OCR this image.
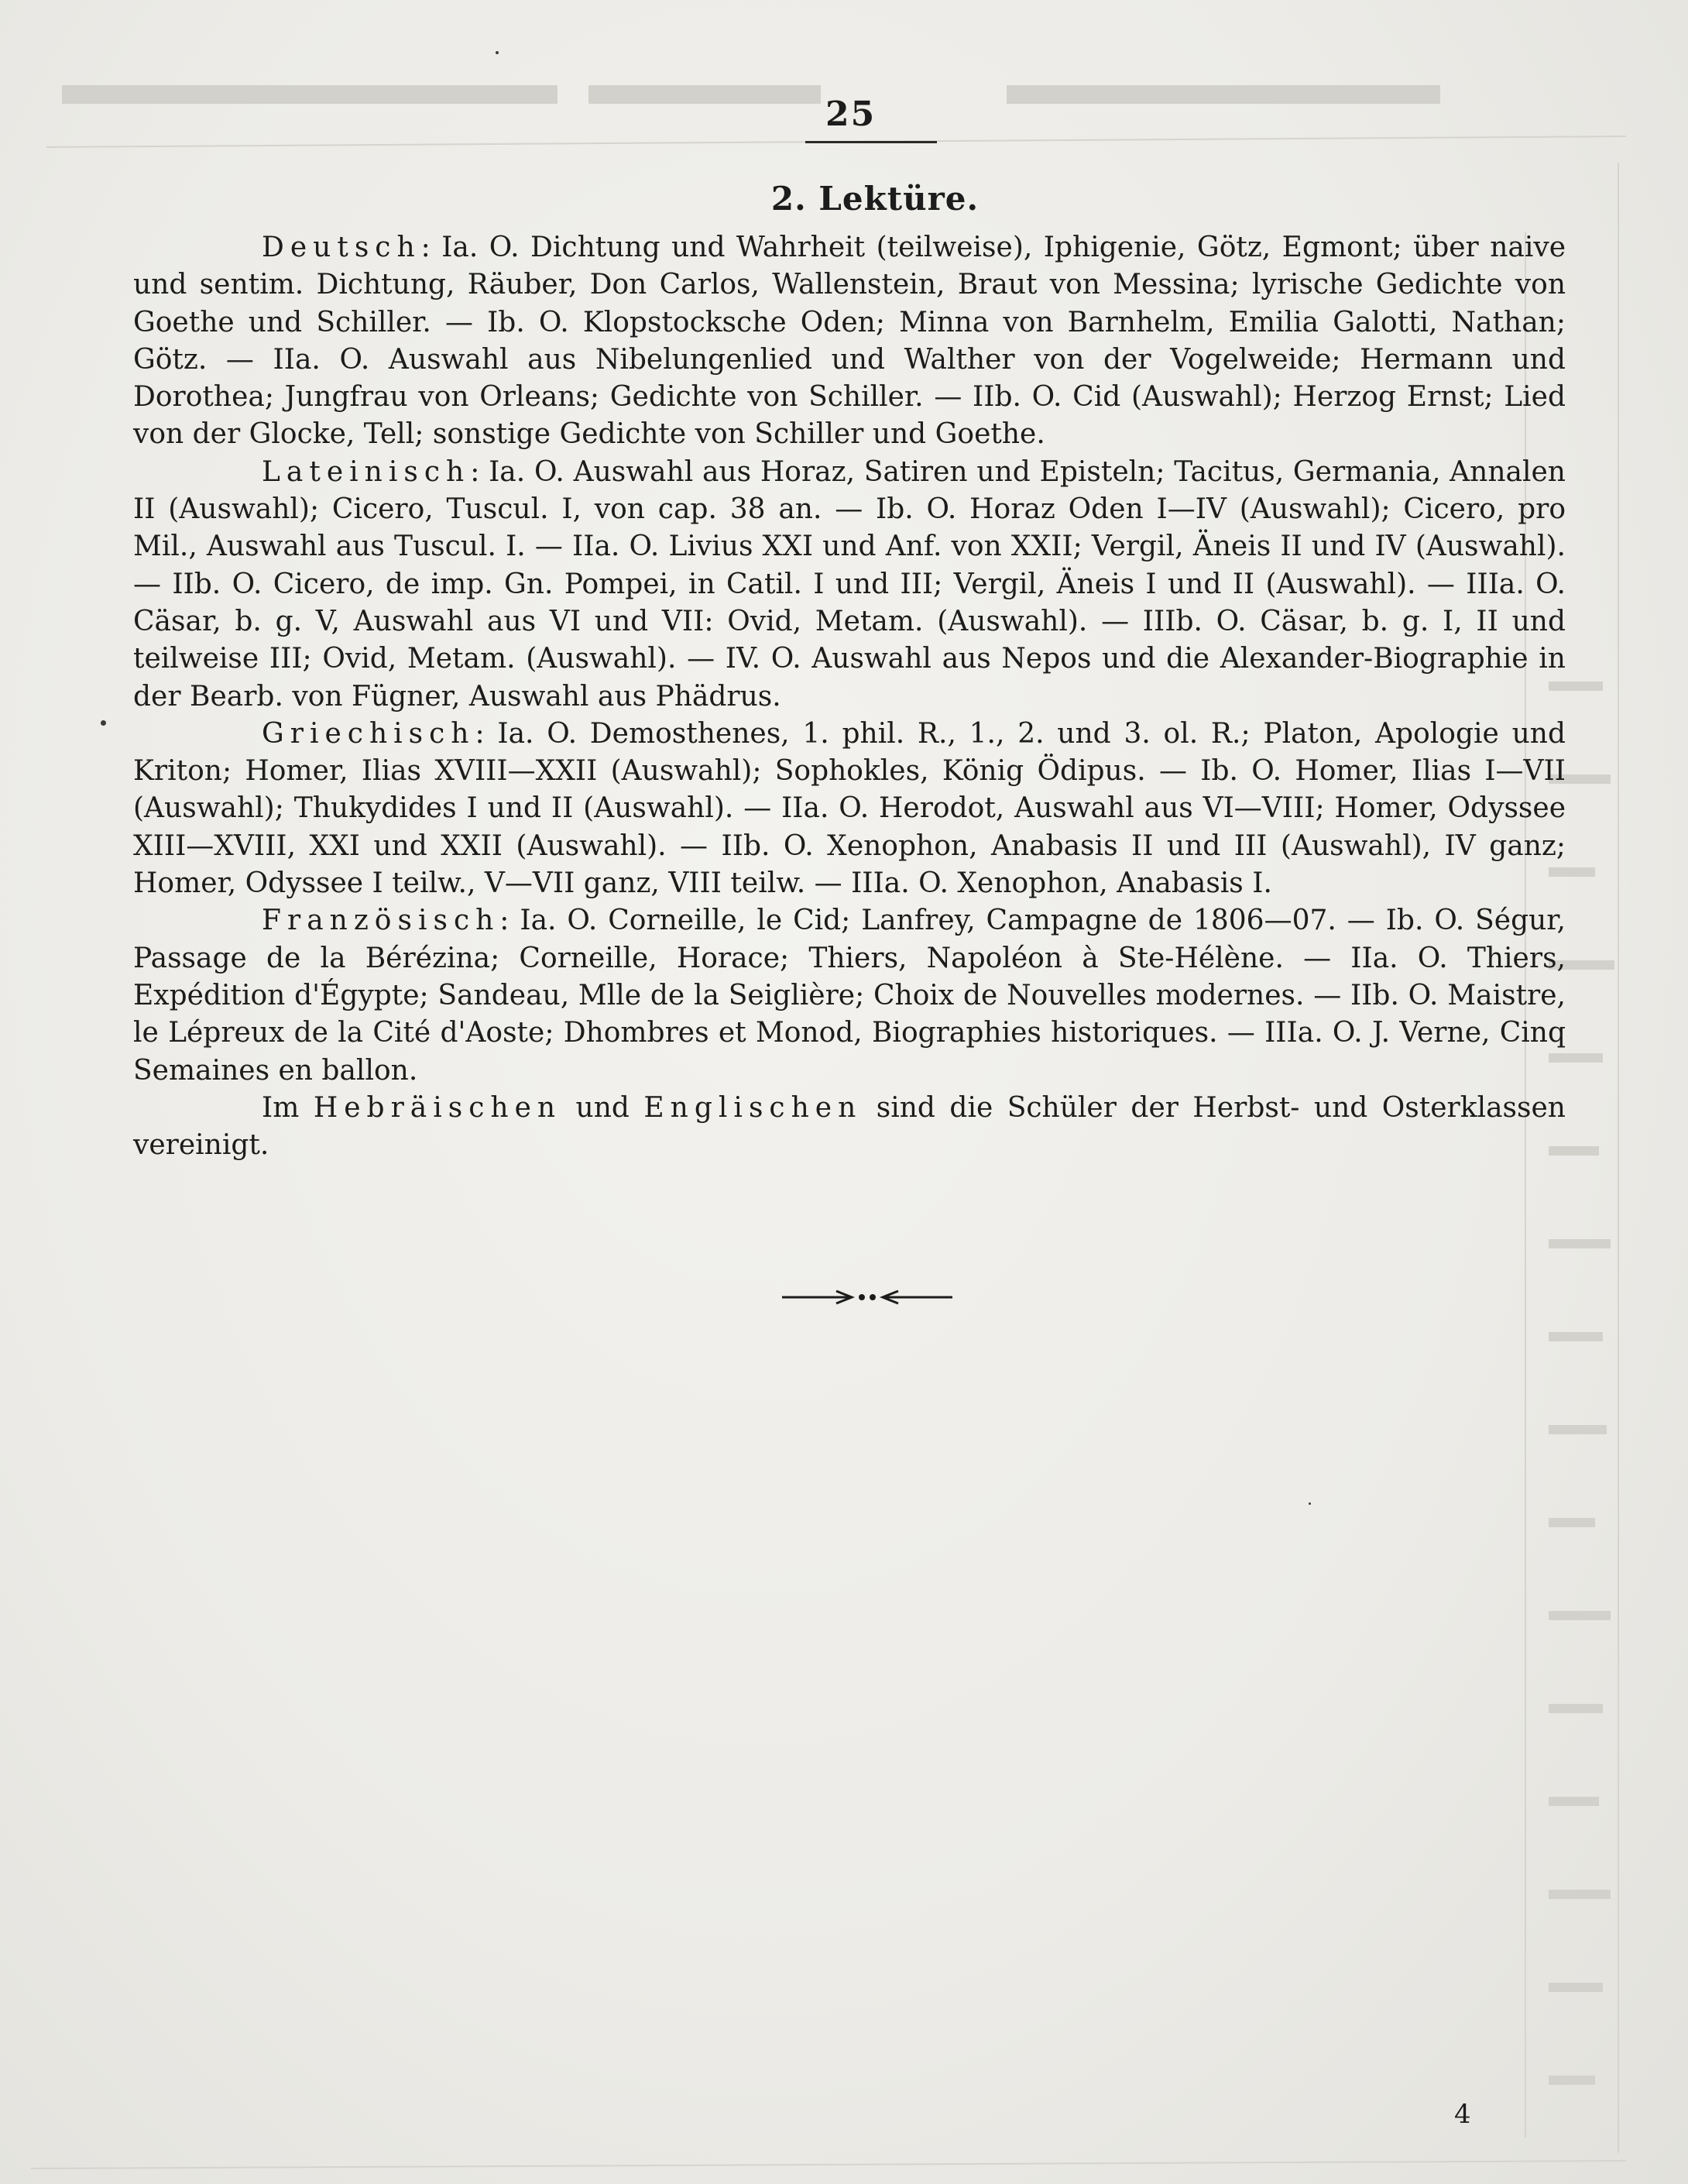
25
2. Lektüre.

Deutsch: Ia. O. Dichtung und Wahrheit (teilweise), Iphigenie, Götz, Egmont; über naive und sentim. Dichtung, Räuber, Don Carlos, Wallenstein, Braut von Messina; lyrische Gedichte von Goethe und Schiller. — Ib. O. Klopstocksche Oden; Minna von Barnhelm, Emilia Galotti, Nathan; Götz. — IIa. O. Auswahl aus Nibelungenlied und Walther von der Vogelweide; Hermann und Dorothea; Jungfrau von Orleans; Gedichte von Schiller. — IIb. O. Cid (Auswahl); Herzog Ernst; Lied von der Glocke, Tell; sonstige Gedichte von Schiller und Goethe.

Lateinisch: Ia. O. Auswahl aus Horaz, Satiren und Episteln; Tacitus, Germania, Annalen II (Auswahl); Cicero, Tuscul. I, von cap. 38 an. — Ib. O. Horaz Oden I—IV (Auswahl); Cicero, pro Mil., Auswahl aus Tuscul. I. — IIa. O. Livius XXI und Anf. von XXII; Vergil, Äneis II und IV (Auswahl). — IIb. O. Cicero, de imp. Gn. Pompei, in Catil. I und III; Vergil, Äneis I und II (Auswahl). — IIIa. O. Cäsar, b. g. V, Auswahl aus VI und VII: Ovid, Metam. (Auswahl). — IIIb. O. Cäsar, b. g. I, II und teilweise III; Ovid, Metam. (Auswahl). — IV. O. Auswahl aus Nepos und die Alexander-Biographie in der Bearb. von Fügner, Auswahl aus Phädrus.

Griechisch: Ia. O. Demosthenes, 1. phil. R., 1., 2. und 3. ol. R.; Platon, Apologie und Kriton; Homer, Ilias XVIII—XXII (Auswahl); Sophokles, König Ödipus. — Ib. O. Homer, Ilias I—VII (Auswahl); Thukydides I und II (Auswahl). — IIa. O. Herodot, Auswahl aus VI—VIII; Homer, Odyssee XIII—XVIII, XXI und XXII (Auswahl). — IIb. O. Xenophon, Anabasis II und III (Auswahl), IV ganz; Homer, Odyssee I teilw., V—VII ganz, VIII teilw. — IIIa. O. Xenophon, Anabasis I.

Französisch: Ia. O. Corneille, le Cid; Lanfrey, Campagne de 1806—07. — Ib. O. Ségur, Passage de la Bérézina; Corneille, Horace; Thiers, Napoléon à Ste-Hélène. — IIa. O. Thiers, Expédition d'Égypte; Sandeau, Mlle de la Seiglière; Choix de Nouvelles modernes. — IIb. O. Maistre, le Lépreux de la Cité d'Aoste; Dhombres et Monod, Biographies historiques. — IIIa. O. J. Verne, Cinq Semaines en ballon.

Im Hebräischen und Englischen sind die Schüler der Herbst- und Osterklassen vereinigt.

4
